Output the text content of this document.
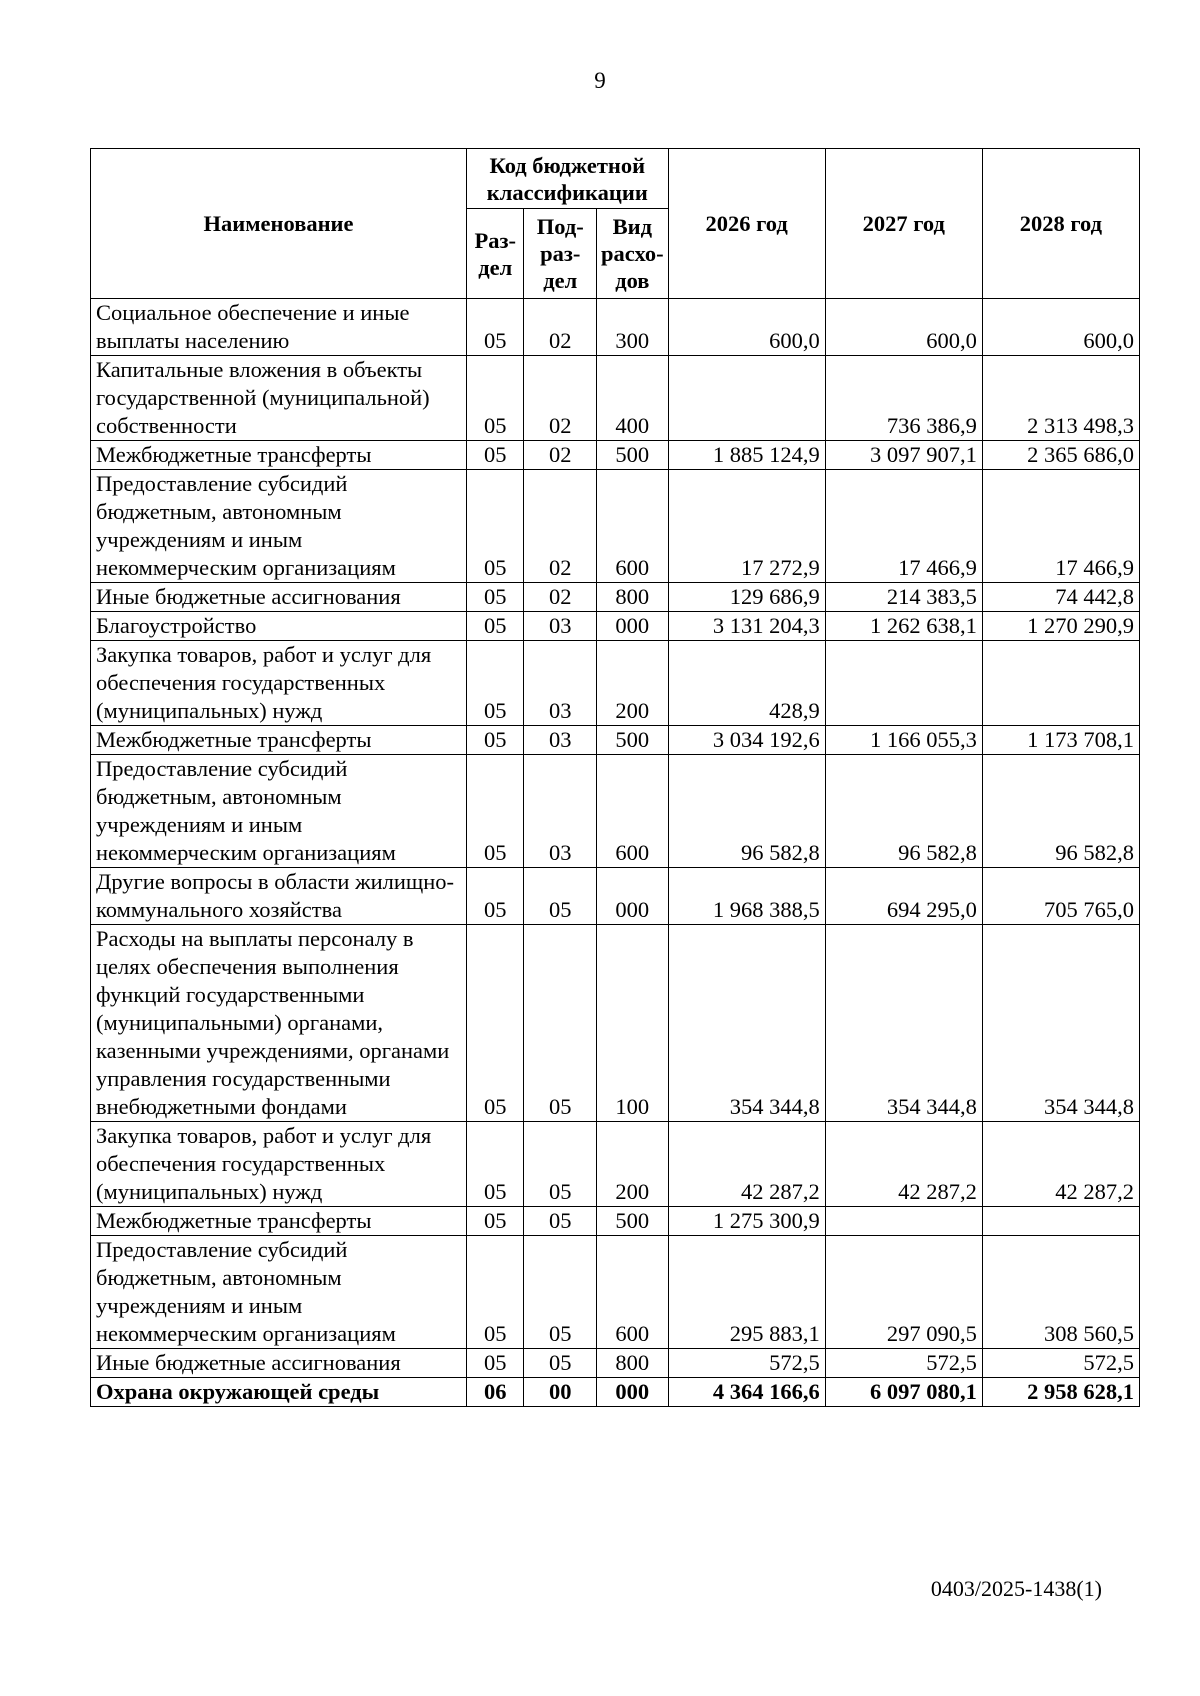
9
Наименование	Код бюджетной классификации			2026 год	2027 год	2028 год
	Раз-дел	Под-раз-дел	Вид расхо-дов			
Социальное обеспечение и иные выплаты населению	05	02	300	600,0	600,0	600,0
Капитальные вложения в объекты государственной (муниципальной) собственности	05	02	400		736 386,9	2 313 498,3
Межбюджетные трансферты	05	02	500	1 885 124,9	3 097 907,1	2 365 686,0
Предоставление субсидий бюджетным, автономным учреждениям и иным некоммерческим организациям	05	02	600	17 272,9	17 466,9	17 466,9
Иные бюджетные ассигнования	05	02	800	129 686,9	214 383,5	74 442,8
Благоустройство	05	03	000	3 131 204,3	1 262 638,1	1 270 290,9
Закупка товаров, работ и услуг для обеспечения государственных (муниципальных) нужд	05	03	200	428,9		
Межбюджетные трансферты	05	03	500	3 034 192,6	1 166 055,3	1 173 708,1
Предоставление субсидий бюджетным, автономным учреждениям и иным некоммерческим организациям	05	03	600	96 582,8	96 582,8	96 582,8
Другие вопросы в области жилищно-коммунального хозяйства	05	05	000	1 968 388,5	694 295,0	705 765,0
Расходы на выплаты персоналу в целях обеспечения выполнения функций государственными (муниципальными) органами, казенными учреждениями, органами управления государственными внебюджетными фондами	05	05	100	354 344,8	354 344,8	354 344,8
Закупка товаров, работ и услуг для обеспечения государственных (муниципальных) нужд	05	05	200	42 287,2	42 287,2	42 287,2
Межбюджетные трансферты	05	05	500	1 275 300,9		
Предоставление субсидий бюджетным, автономным учреждениям и иным некоммерческим организациям	05	05	600	295 883,1	297 090,5	308 560,5
Иные бюджетные ассигнования	05	05	800	572,5	572,5	572,5
Охрана окружающей среды	06	00	000	4 364 166,6	6 097 080,1	2 958 628,1
0403/2025-1438(1)
